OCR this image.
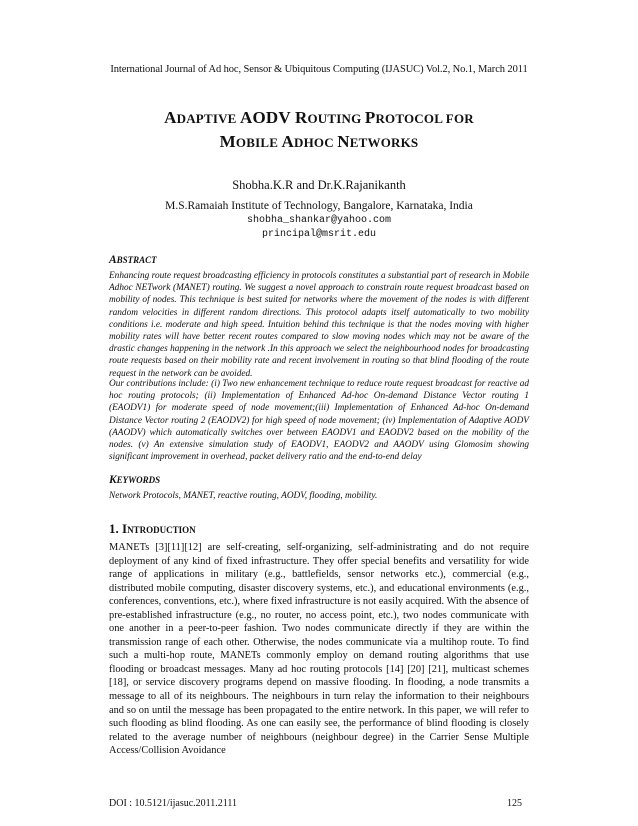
International Journal of Ad hoc, Sensor & Ubiquitous Computing (IJASUC) Vol.2, No.1, March 2011
ADAPTIVE AODV ROUTING PROTOCOL FOR
MOBILE ADHOC NETWORKS
Shobha.K.R and Dr.K.Rajanikanth
M.S.Ramaiah Institute of Technology, Bangalore, Karnataka, India
shobha_shankar@yahoo.com
principal@msrit.edu
ABSTRACT

Enhancing route request broadcasting efficiency in protocols constitutes a substantial part of research in Mobile Adhoc NETwork (MANET) routing. We suggest a novel approach to constrain route request broadcast based on mobility of nodes. This technique is best suited for networks where the movement of the nodes is with different random velocities in different random directions. This protocol adapts itself automatically to two mobility conditions i.e. moderate and high speed. Intuition behind this technique is that the nodes moving with higher mobility rates will have better recent routes compared to slow moving nodes which may not be aware of the drastic changes happening in the network .In this approach we select the neighbourhood nodes for broadcasting route requests based on their mobility rate and recent involvement in routing so that blind flooding of the route request in the network can be avoided.

Our contributions include: (i) Two new enhancement technique to reduce route request broadcast for reactive ad hoc routing protocols; (ii) Implementation of Enhanced Ad-hoc On-demand Distance Vector routing 1 (EAODV1) for moderate speed of node movement;(iii) Implementation of Enhanced Ad-hoc On-demand Distance Vector routing 2 (EAODV2) for high speed of node movement; (iv) Implementation of Adaptive AODV (AAODV) which automatically switches over between EAODV1 and EAODV2 based on the mobility of the nodes. (v) An extensive simulation study of EAODV1, EAODV2 and AAODV using Glomosim showing significant improvement in overhead, packet delivery ratio and the end-to-end delay

KEYWORDS

Network Protocols, MANET, reactive routing, AODV, flooding, mobility.

1. INTRODUCTION

MANETs [3][11][12] are self-creating, self-organizing, self-administrating and do not require deployment of any kind of fixed infrastructure. They offer special benefits and versatility for wide range of applications in military (e.g., battlefields, sensor networks etc.), commercial (e.g., distributed mobile computing, disaster discovery systems, etc.), and educational environments (e.g., conferences, conventions, etc.), where fixed infrastructure is not easily acquired. With the absence of pre-established infrastructure (e.g., no router, no access point, etc.), two nodes communicate with one another in a peer-to-peer fashion. Two nodes communicate directly if they are within the transmission range of each other. Otherwise, the nodes communicate via a multihop route. To find such a multi-hop route, MANETs commonly employ on demand routing algorithms that use flooding or broadcast messages. Many ad hoc routing protocols [14] [20] [21], multicast schemes [18], or service discovery programs depend on massive flooding. In flooding, a node transmits a message to all of its neighbours. The neighbours in turn relay the information to their neighbours and so on until the message has been propagated to the entire network. In this paper, we will refer to such flooding as blind flooding. As one can easily see, the performance of blind flooding is closely related to the average number of neighbours (neighbour degree) in the Carrier Sense Multiple Access/Collision Avoidance

DOI : 10.5121/ijasuc.2011.2111	125
